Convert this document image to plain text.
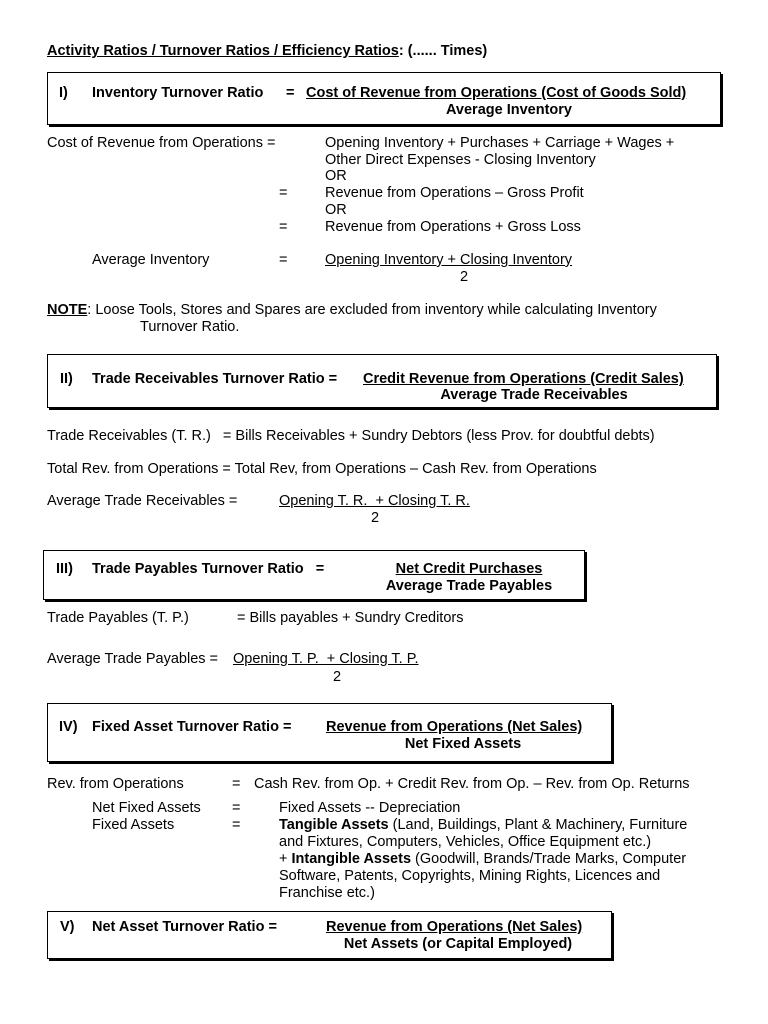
Activity Ratios / Turnover Ratios / Efficiency Ratios: (...... Times)
I) Inventory Turnover Ratio = Cost of Revenue from Operations (Cost of Goods Sold)
Average Inventory
Cost of Revenue from Operations =	Opening Inventory + Purchases + Carriage + Wages +
Other Direct Expenses - Closing Inventory
OR
=	Revenue from Operations – Gross Profit
OR
=	Revenue from Operations + Gross Loss
Average Inventory	=	Opening Inventory + Closing Inventory
2
NOTE: Loose Tools, Stores and Spares are excluded from inventory while calculating Inventory
Turnover Ratio.
II) Trade Receivables Turnover Ratio = Credit Revenue from Operations (Credit Sales)
Average Trade Receivables
Trade Receivables (T. R.)   = Bills Receivables + Sundry Debtors (less Prov. for doubtful debts)
Total Rev. from Operations = Total Rev, from Operations – Cash Rev. from Operations
Average Trade Receivables =	Opening T. R.  + Closing T. R.
2
III) Trade Payables Turnover Ratio   =	Net Credit Purchases
Average Trade Payables
Trade Payables (T. P.)	= Bills payables + Sundry Creditors
Average Trade Payables = Opening T. P.  + Closing T. P.
2
IV) Fixed Asset Turnover Ratio = Revenue from Operations (Net Sales)
Net Fixed Assets
Rev. from Operations	= Cash Rev. from Op. + Credit Rev. from Op. – Rev. from Op. Returns
Net Fixed Assets =	Fixed Assets -- Depreciation
Fixed Assets	=	Tangible Assets (Land, Buildings, Plant & Machinery, Furniture
and Fixtures, Computers, Vehicles, Office Equipment etc.)
+ Intangible Assets (Goodwill, Brands/Trade Marks, Computer
Software, Patents, Copyrights, Mining Rights, Licences and
Franchise etc.)
V) Net Asset Turnover Ratio =	Revenue from Operations (Net Sales)
Net Assets (or Capital Employed)
